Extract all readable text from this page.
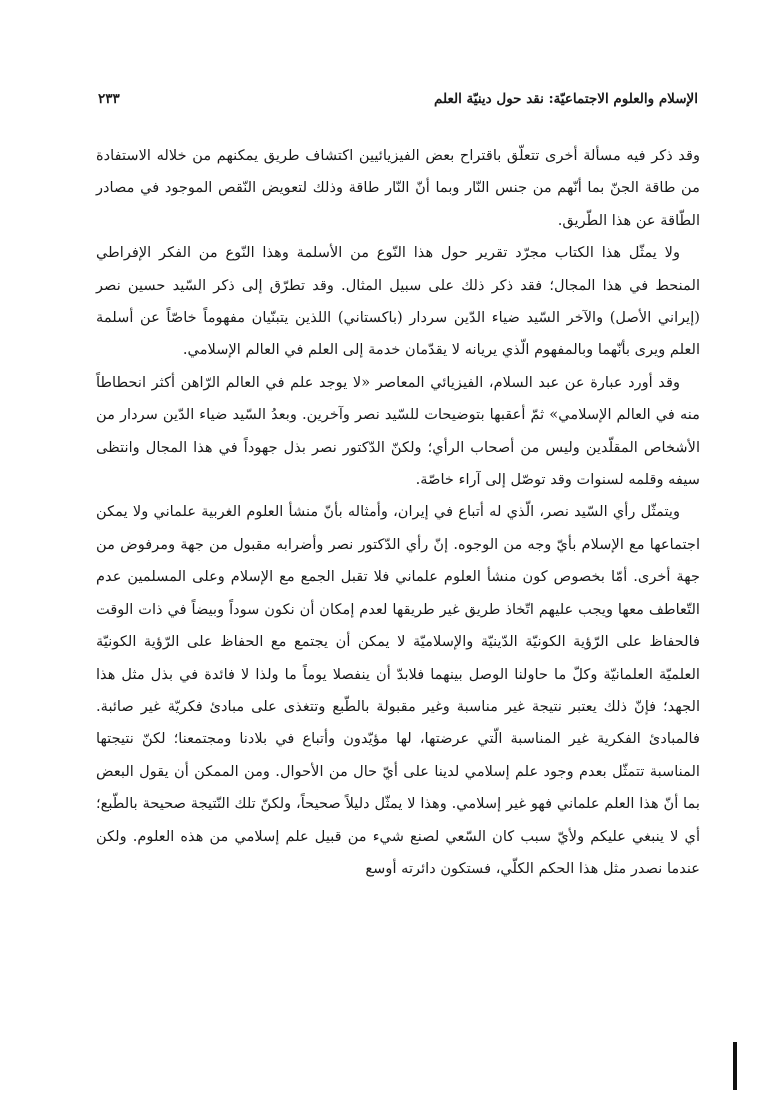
الإسلام والعلوم الاجتماعيّة: نقد حول دينيّة العلم
٢٣٣

وقد ذكر فيه مسألة أخرى تتعلّق باقتراح بعض الفيزيائيين اكتشاف طريق يمكنهم من خلاله الاستفادة من طاقة الجنّ بما أنّهم من جنس النّار وبما أنّ النّار طاقة وذلك لتعويض النّقص الموجود في مصادر الطّاقة عن هذا الطّريق.

ولا يمثّل هذا الكتاب مجرّد تقرير حول هذا النّوع من الأسلمة وهذا النّوع من الفكر الإفراطي المنحط في هذا المجال؛ فقد ذكر ذلك على سبيل المثال. وقد تطرّق إلى ذكر السّيد حسين نصر (إيراني الأصل) والآخر السّيد ضياء الدّين سردار (باكستاني) اللذين يتبنّيان مفهوماً خاصّاً عن أسلمة العلم ويرى بأنّهما وبالمفهوم الّذي يريانه لا يقدّمان خدمة إلى العلم في العالم الإسلامي.

وقد أورد عبارة عن عبد السلام، الفيزيائي المعاصر «لا يوجد علم في العالم الرّاهن أكثر انحطاطاً منه في العالم الإسلامي» ثمّ أعقبها بتوضيحات للسّيد نصر وآخرين. وبعدُ السّيد ضياء الدّين سردار من الأشخاص المقلّدين وليس من أصحاب الرأي؛ ولكنّ الدّكتور نصر بذل جهوداً في هذا المجال وانتظى سيفه وقلمه لسنوات وقد توصّل إلى آراء خاصّة.

ويتمثّل رأي السّيد نصر، الّذي له أتباع في إيران، وأمثاله بأنّ منشأ العلوم الغربية علماني ولا يمكن اجتماعها مع الإسلام بأيّ وجه من الوجوه. إنّ رأي الدّكتور نصر وأضرابه مقبول من جهة ومرفوض من جهة أخرى. أمّا بخصوص كون منشأ العلوم علماني فلا تقبل الجمع مع الإسلام وعلى المسلمين عدم التّعاطف معها ويجب عليهم اتّخاذ طريق غير طريقها لعدم إمكان أن نكون سوداً وبيضاً في ذات الوقت فالحفاظ على الرّؤية الكونيّة الدّينيّة والإسلاميّة لا يمكن أن يجتمع مع الحفاظ على الرّؤية الكونيّة العلميّة العلمانيّة وكلّ ما حاولنا الوصل بينهما فلابدّ أن ينفصلا يوماً ما ولذا لا فائدة في بذل مثل هذا الجهد؛ فإنّ ذلك يعتبر نتيجة غير مناسبة وغير مقبولة بالطّبع وتتغذى على مبادئ فكريّة غير صائبة. فالمبادئ الفكرية غير المناسبة الّتي عرضتها، لها مؤيّدون وأتباع في بلادنا ومجتمعنا؛ لكنّ نتيجتها المناسبة تتمثّل بعدم وجود علم إسلامي لدينا على أيّ حال من الأحوال. ومن الممكن أن يقول البعض بما أنّ هذا العلم علماني فهو غير إسلامي. وهذا لا يمثّل دليلاً صحيحاً، ولكنّ تلك النّتيجة صحيحة بالطّبع؛ أي لا ينبغي عليكم ولأيّ سبب كان السّعي لصنع شيء من قبيل علم إسلامي من هذه العلوم. ولكن عندما نصدر مثل هذا الحكم الكلّي، فستكون دائرته أوسع
